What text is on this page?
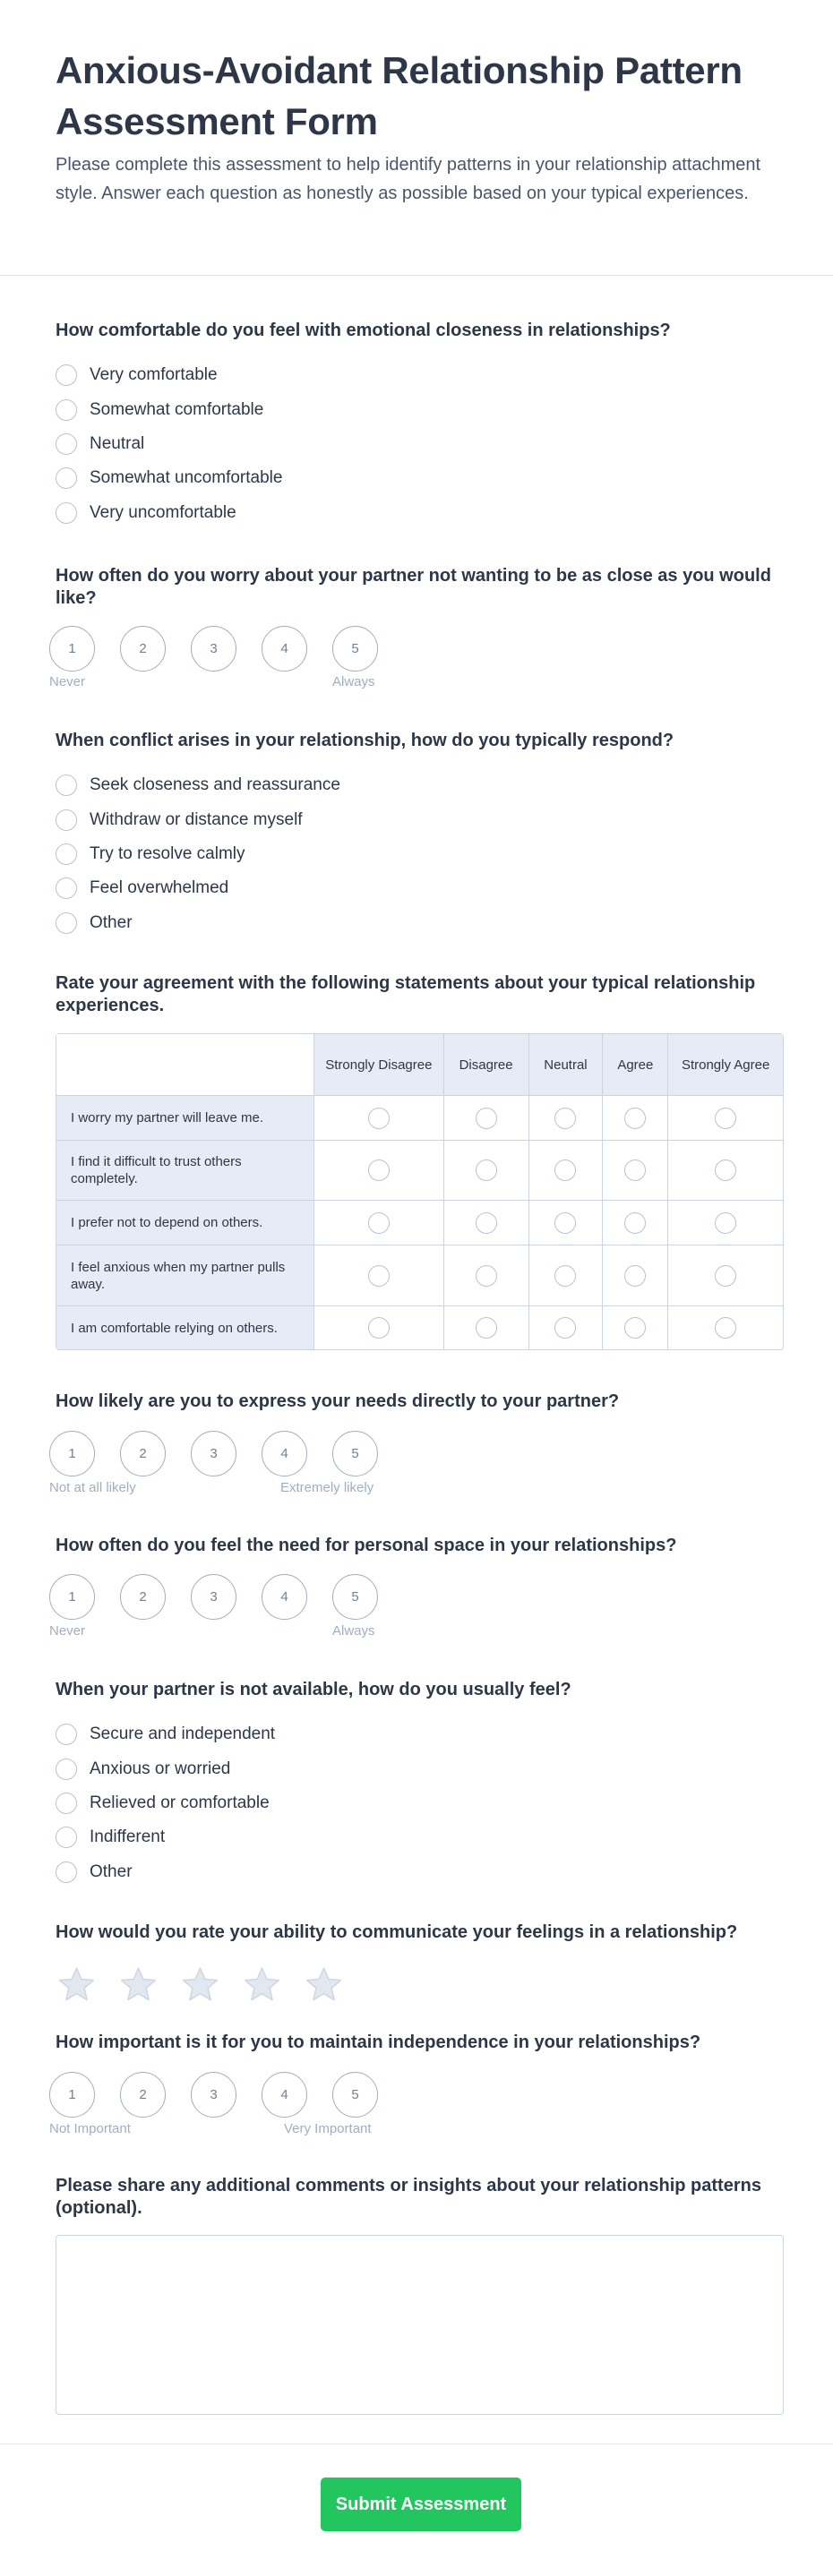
Anxious-Avoidant Relationship Pattern Assessment Form

Please complete this assessment to help identify patterns in your relationship attachment style. Answer each question as honestly as possible based on your typical experiences.

How comfortable do you feel with emotional closeness in relationships?
Very comfortable
Somewhat comfortable
Neutral
Somewhat uncomfortable
Very uncomfortable
How often do you worry about your partner not wanting to be as close as you would like?
1	2	3	4	5
Never	Always
When conflict arises in your relationship, how do you typically respond?
Seek closeness and reassurance
Withdraw or distance myself
Try to resolve calmly
Feel overwhelmed
Other
Rate your agreement with the following statements about your typical relationship experiences.
	Strongly Disagree	Disagree	Neutral	Agree	Strongly Agree
I worry my partner will leave me.					
I find it difficult to trust others completely.					
I prefer not to depend on others.					
I feel anxious when my partner pulls away.					
I am comfortable relying on others.					
How likely are you to express your needs directly to your partner?
1	2	3	4	5
Not at all likely	Extremely likely
How often do you feel the need for personal space in your relationships?
1	2	3	4	5
Never	Always
When your partner is not available, how do you usually feel?
Secure and independent
Anxious or worried
Relieved or comfortable
Indifferent
Other
How would you rate your ability to communicate your feelings in a relationship?
How important is it for you to maintain independence in your relationships?
1	2	3	4	5
Not Important	Very Important
Please share any additional comments or insights about your relationship patterns (optional).
Submit Assessment
